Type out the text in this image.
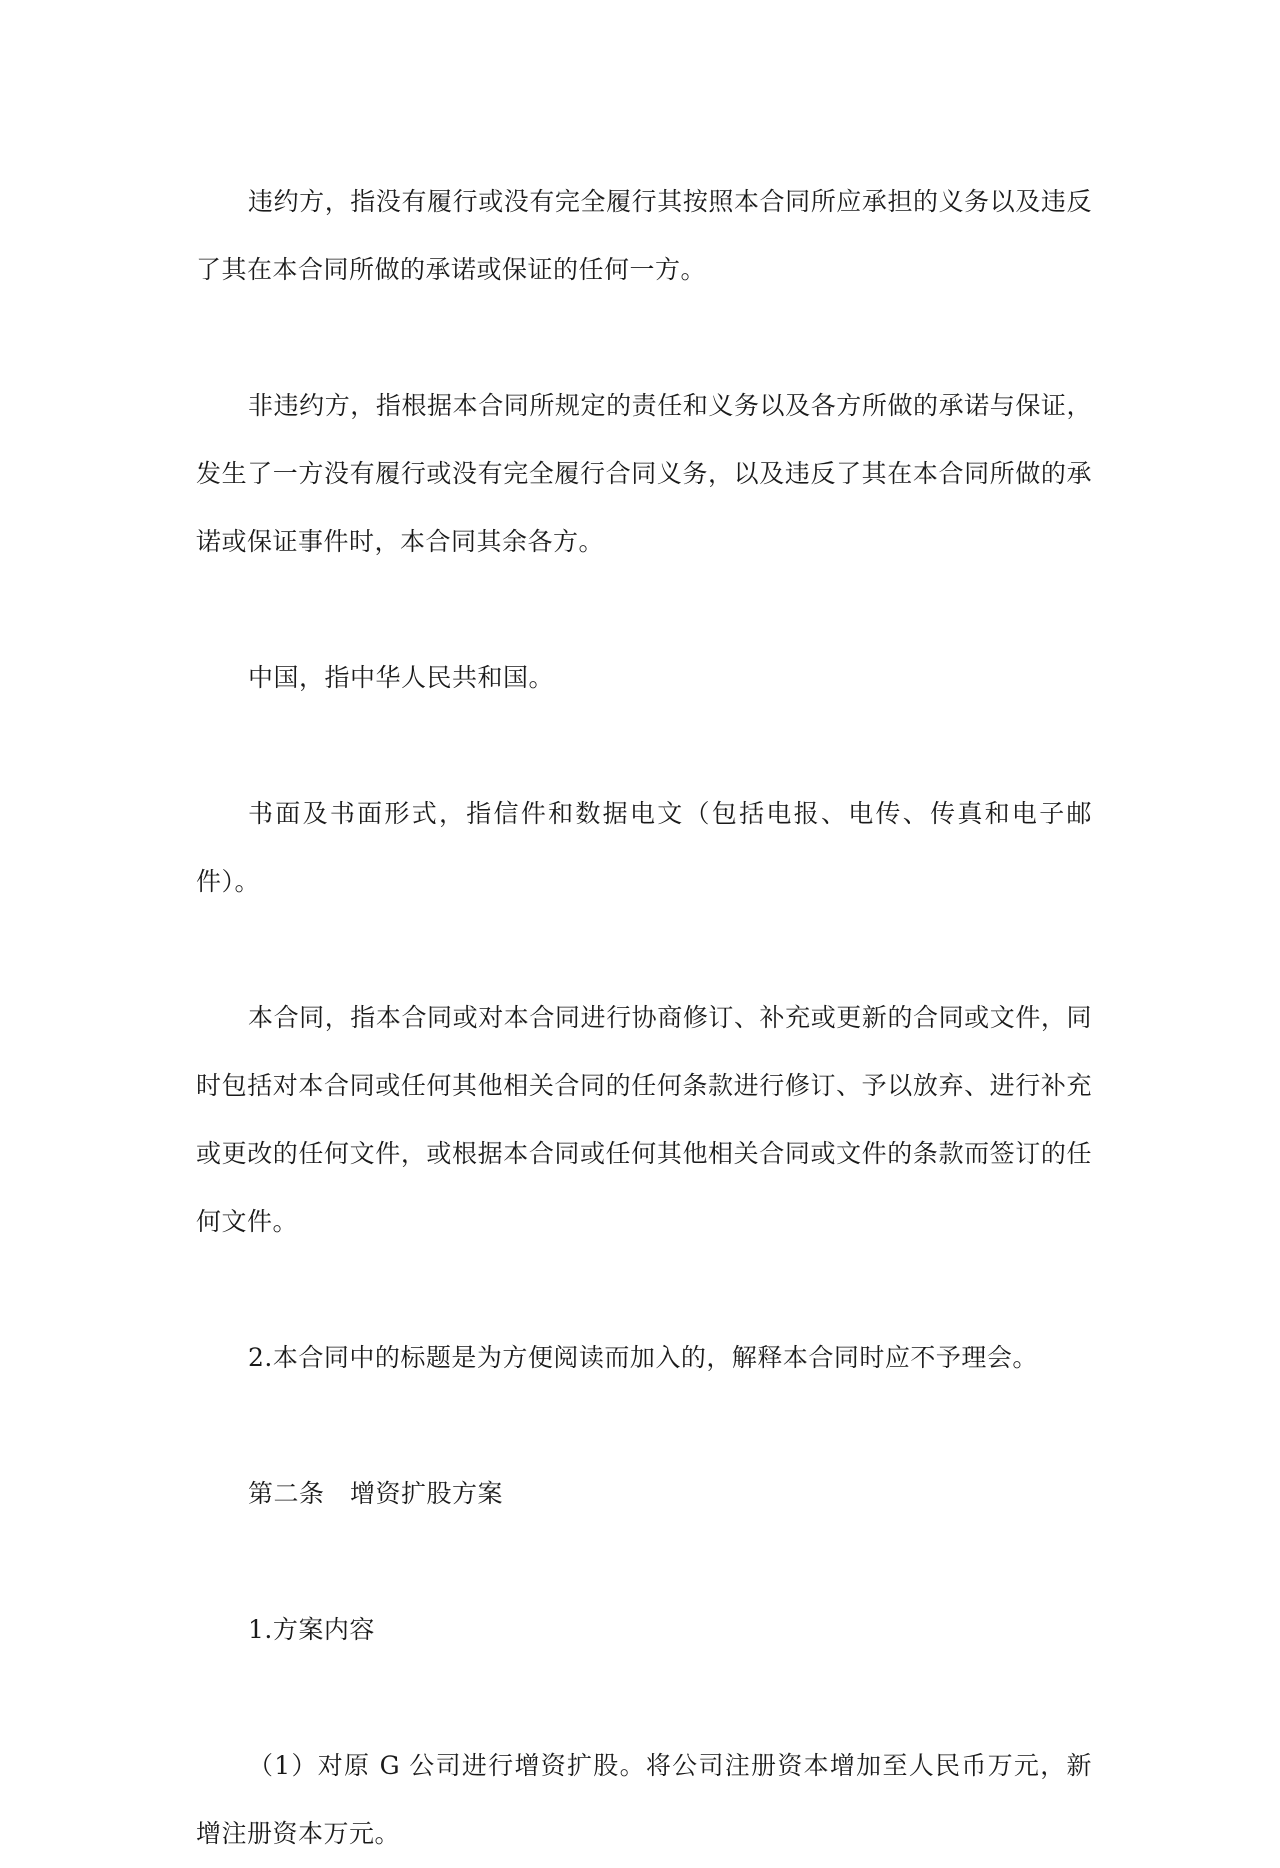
违约方，指没有履行或没有完全履行其按照本合同所应承担的义务以及违反了其在本合同所做的承诺或保证的任何一方。

非违约方，指根据本合同所规定的责任和义务以及各方所做的承诺与保证，发生了一方没有履行或没有完全履行合同义务，以及违反了其在本合同所做的承诺或保证事件时，本合同其余各方。

中国，指中华人民共和国。

书面及书面形式，指信件和数据电文（包括电报、电传、传真和电子邮件）。

本合同，指本合同或对本合同进行协商修订、补充或更新的合同或文件，同时包括对本合同或任何其他相关合同的任何条款进行修订、予以放弃、进行补充或更改的任何文件，或根据本合同或任何其他相关合同或文件的条款而签订的任何文件。

2.本合同中的标题是为方便阅读而加入的，解释本合同时应不予理会。

第二条　增资扩股方案

1.方案内容

（1）对原 G 公司进行增资扩股。将公司注册资本增加至人民币万元，新增注册资本万元。
